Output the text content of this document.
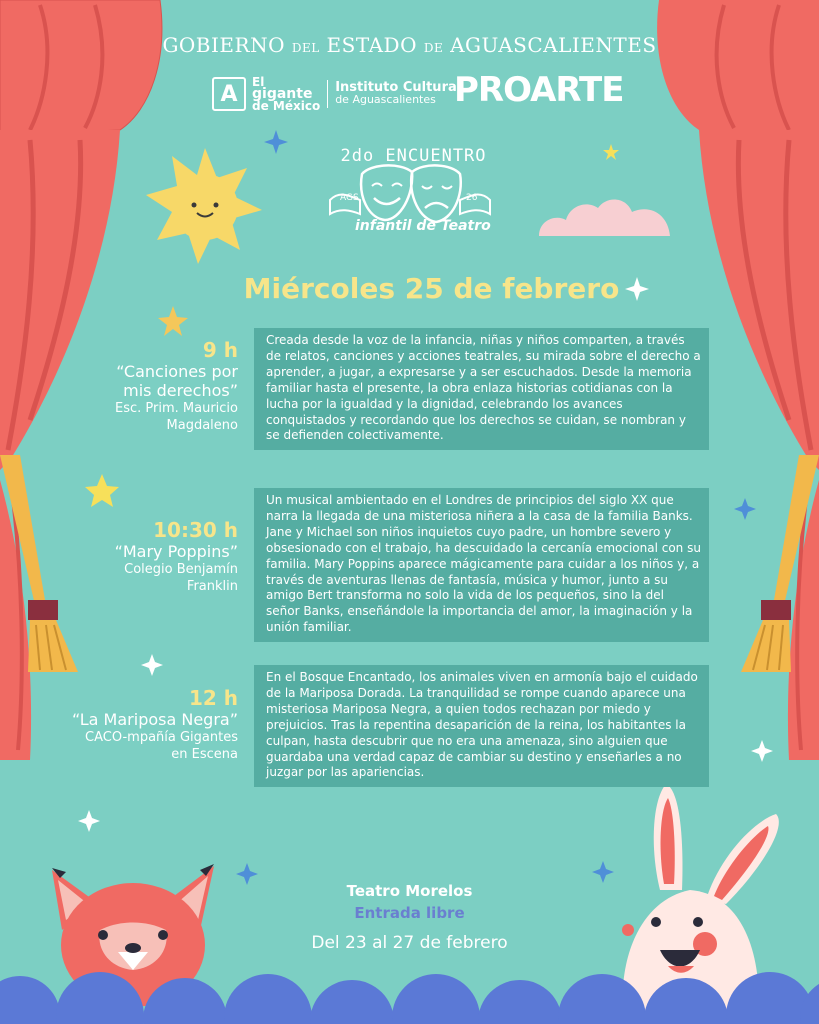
GOBIERNO DEL ESTADO DE AGUASCALIENTES
A	El
gigante
de México
Instituto Cultural
de Aguascalientes PROARTE
2do ENCUENTRO
AGS	26
infantil de Teatro
Miércoles 25 de febrero
9 h
“Canciones por mis derechos”
Esc. Prim. Mauricio Magdaleno
Creada desde la voz de la infancia, niñas y niños comparten, a través de relatos, canciones y acciones teatrales, su mirada sobre el derecho a aprender, a jugar, a expresarse y a ser escuchados. Desde la memoria familiar hasta el presente, la obra enlaza historias cotidianas con la lucha por la igualdad y la dignidad, celebrando los avances conquistados y recordando que los derechos se cuidan, se nombran y se defienden colectivamente.
10:30 h
“Mary Poppins”
Colegio Benjamín Franklin
Un musical ambientado en el Londres de principios del siglo XX que narra la llegada de una misteriosa niñera a la casa de la familia Banks. Jane y Michael son niños inquietos cuyo padre, un hombre severo y obsesionado con el trabajo, ha descuidado la cercanía emocional con su familia. Mary Poppins aparece mágicamente para cuidar a los niños y, a través de aventuras llenas de fantasía, música y humor, junto a su amigo Bert transforma no solo la vida de los pequeños, sino la del señor Banks, enseñándole la importancia del amor, la imaginación y la unión familiar.
12 h
“La Mariposa Negra”
CACO-mpañía Gigantes en Escena
En el Bosque Encantado, los animales viven en armonía bajo el cuidado de la Mariposa Dorada. La tranquilidad se rompe cuando aparece una misteriosa Mariposa Negra, a quien todos rechazan por miedo y prejuicios. Tras la repentina desaparición de la reina, los habitantes la culpan, hasta descubrir que no era una amenaza, sino alguien que guardaba una verdad capaz de cambiar su destino y enseñarles a no juzgar por las apariencias.
Teatro Morelos
Entrada libre
Del 23 al 27 de febrero
